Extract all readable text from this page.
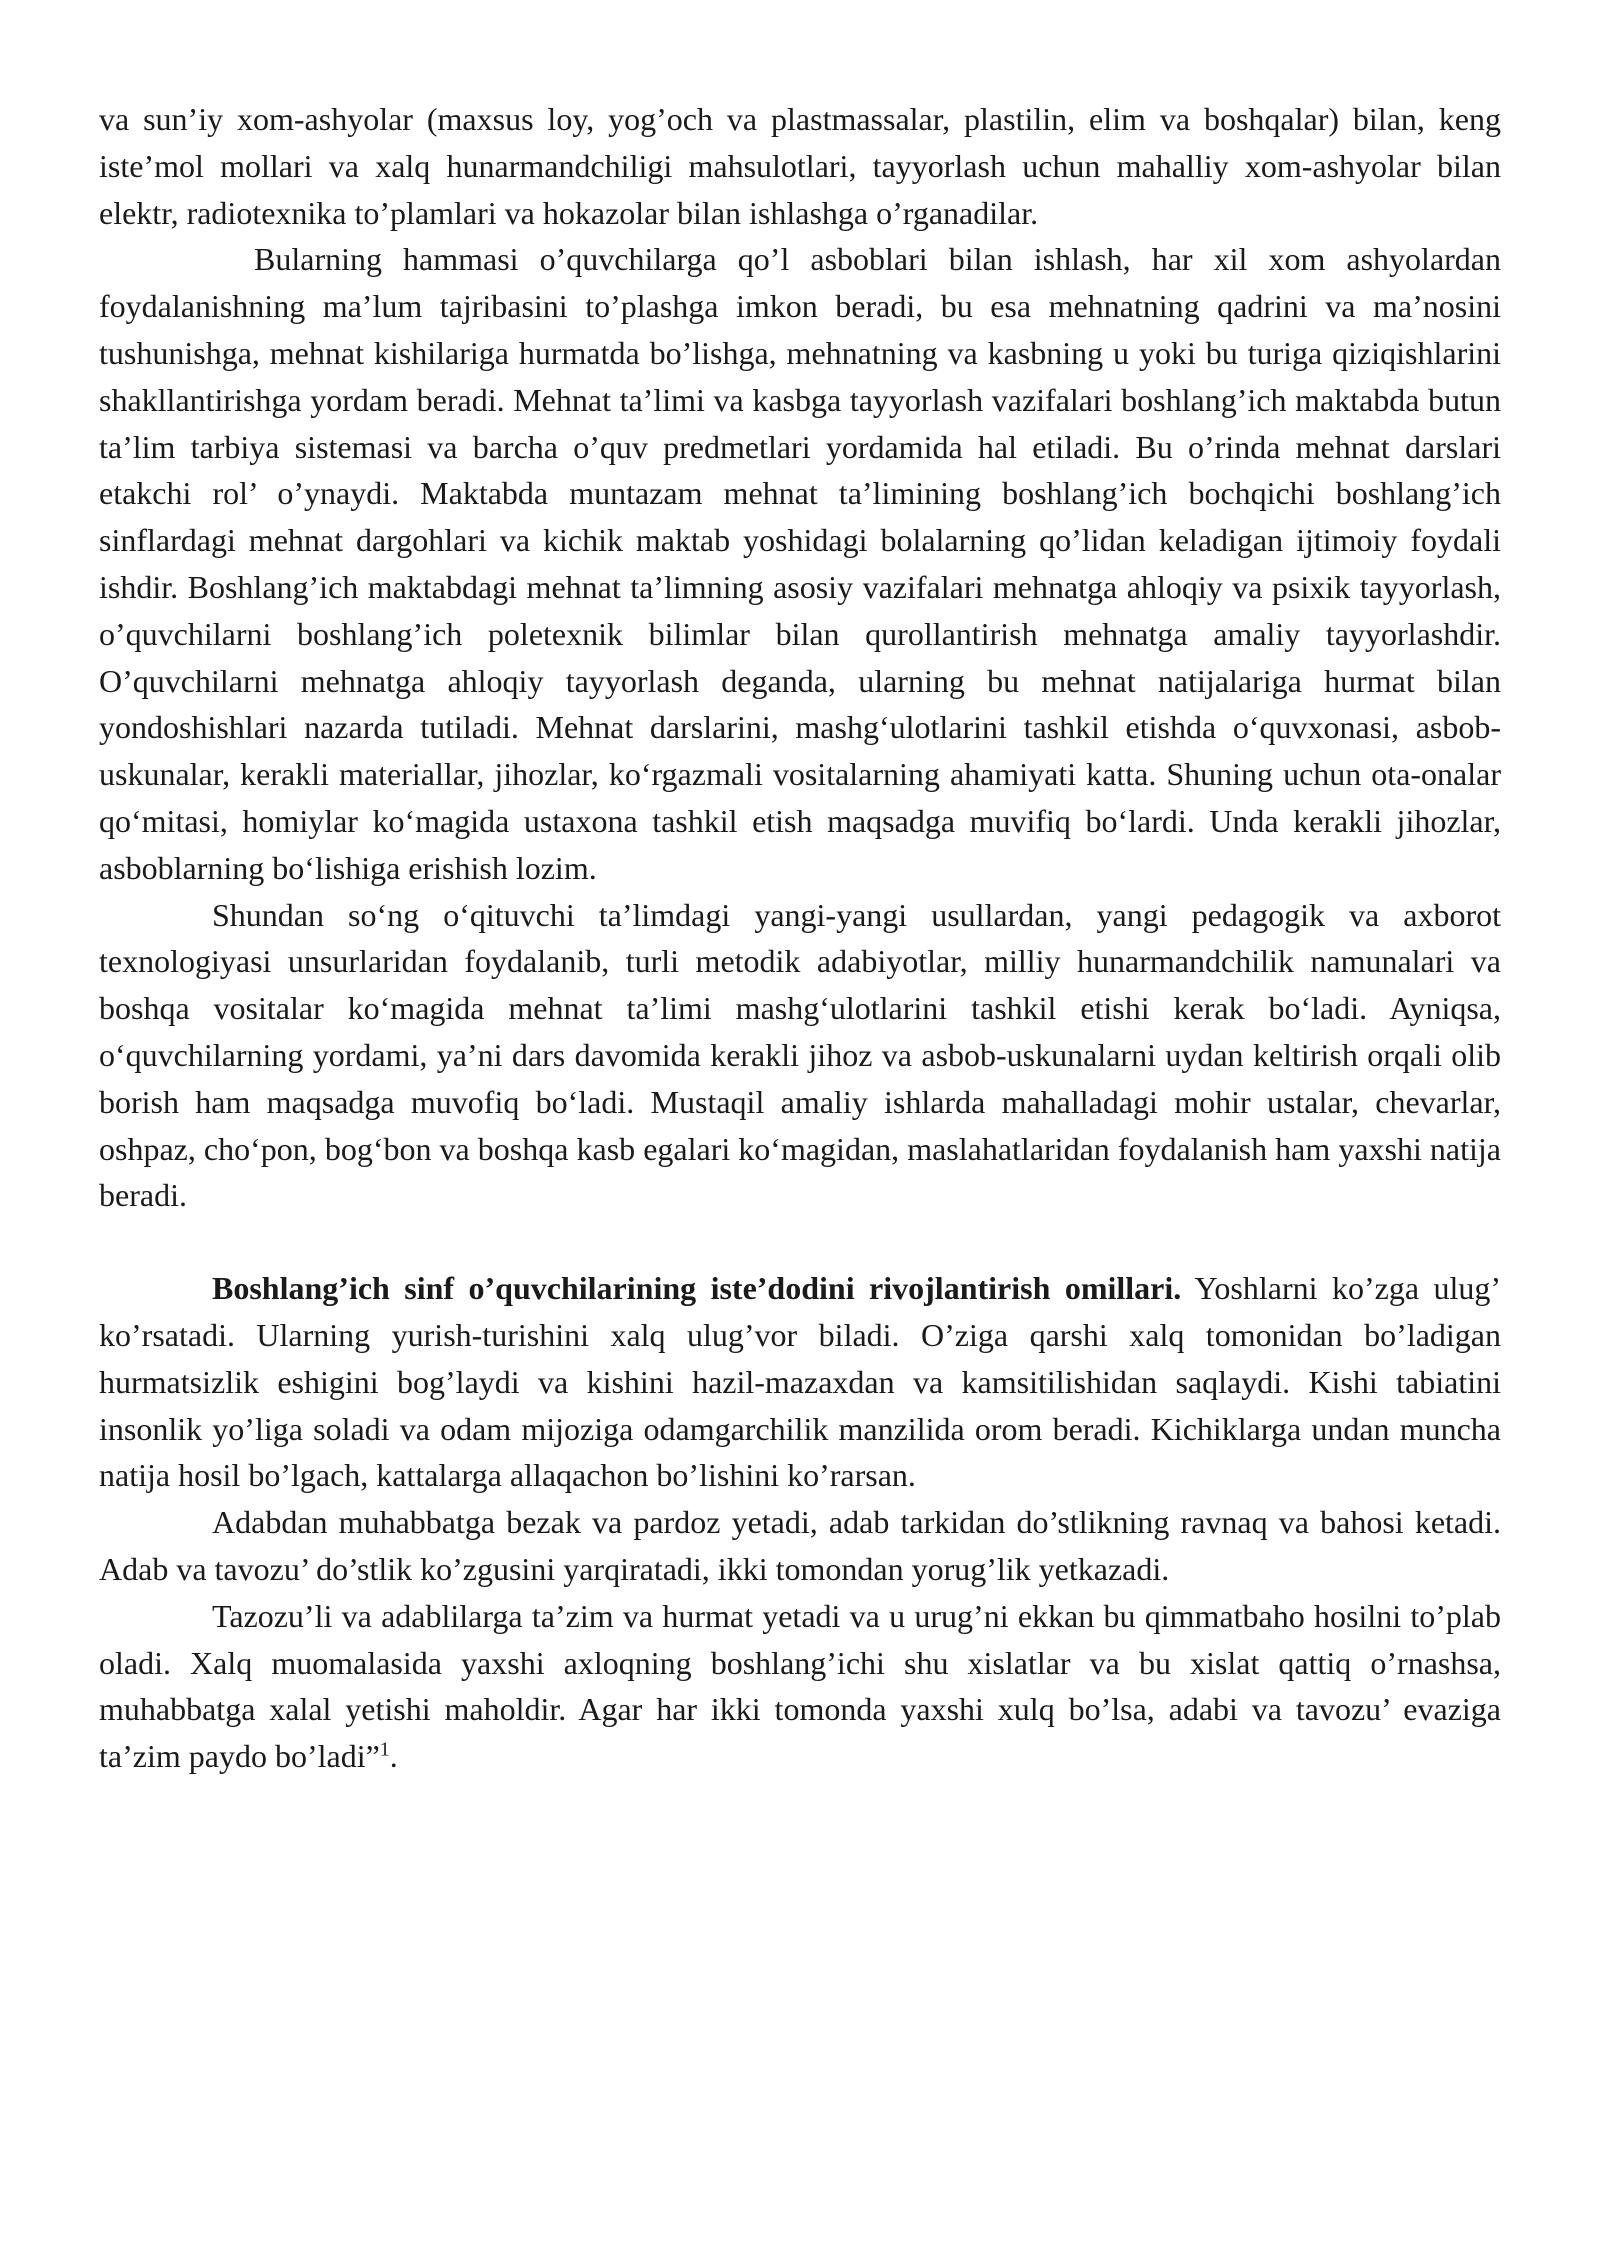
va sun’iy xom-ashyolar (maxsus loy, yog’och va plastmassalar, plastilin, elim va boshqalar) bilan, keng iste’mol mollari va xalq hunarmandchiligi mahsulotlari, tayyorlash uchun mahalliy xom-ashyolar bilan elektr, radiotexnika to’plamlari va hokazolar bilan ishlashga o’rganadilar.

Bularning hammasi o’quvchilarga qo’l asboblari bilan ishlash, har xil xom ashyolardan foydalanishning ma’lum tajribasini to’plashga imkon beradi, bu esa mehnatning qadrini va ma’nosini tushunishga, mehnat kishilariga hurmatda bo’lishga, mehnatning va kasbning u yoki bu turiga qiziqishlarini shakllantirishga yordam beradi. Mehnat ta’limi va kasbga tayyorlash vazifalari boshlang’ich maktabda butun ta’lim tarbiya sistemasi va barcha o’quv predmetlari yordamida hal etiladi. Bu o’rinda mehnat darslari etakchi rol’ o’ynaydi. Maktabda muntazam mehnat ta’limining boshlang’ich bochqichi boshlang’ich sinflardagi mehnat dargohlari va kichik maktab yoshidagi bolalarning qo’lidan keladigan ijtimoiy foydali ishdir. Boshlang’ich maktabdagi mehnat ta’limning asosiy vazifalari mehnatga ahloqiy va psixik tayyorlash, o’quvchilarni boshlang’ich poletexnik bilimlar bilan qurollantirish mehnatga amaliy tayyorlashdir. O’quvchilarni mehnatga ahloqiy tayyorlash deganda, ularning bu mehnat natijalariga hurmat bilan yondoshishlari nazarda tutiladi. Mehnat darslarini, mashg‘ulotlarini tashkil etishda o‘quvxonasi, asbob-uskunalar, kerakli materiallar, jihozlar, ko‘rgazmali vositalarning ahamiyati katta. Shuning uchun ota-onalar qo‘mitasi, homiylar ko‘magida ustaxona tashkil etish maqsadga muvifiq bo‘lardi. Unda kerakli jihozlar, asboblarning bo‘lishiga erishish lozim.

Shundan so‘ng o‘qituvchi ta’limdagi yangi-yangi usullardan, yangi pedagogik va axborot texnologiyasi unsurlaridan foydalanib, turli metodik adabiyotlar, milliy hunarmandchilik namunalari va boshqa vositalar ko‘magida mehnat ta’limi mashg‘ulotlarini tashkil etishi kerak bo‘ladi. Ayniqsa, o‘quvchilarning yordami, ya’ni dars davomida kerakli jihoz va asbob-uskunalarni uydan keltirish orqali olib borish ham maqsadga muvofiq bo‘ladi. Mustaqil amaliy ishlarda mahalladagi mohir ustalar, chevarlar, oshpaz, cho‘pon, bog‘bon va boshqa kasb egalari ko‘magidan, maslahatlaridan foydalanish ham yaxshi natija beradi.

Boshlang’ich sinf o’quvchilarining iste’dodini rivojlantirish omillari. Yoshlarni ko’zga ulug’ ko’rsatadi. Ularning yurish-turishini xalq ulug’vor biladi. O’ziga qarshi xalq tomonidan bo’ladigan hurmatsizlik eshigini bog’laydi va kishini hazil-mazaxdan va kamsitilishidan saqlaydi. Kishi tabiatini insonlik yo’liga soladi va odam mijoziga odamgarchilik manzilida orom beradi. Kichiklarga undan muncha natija hosil bo’lgach, kattalarga allaqachon bo’lishini ko’rarsan.

Adabdan muhabbatga bezak va pardoz yetadi, adab tarkidan do’stlikning ravnaq va bahosi ketadi. Adab va tavozu’ do’stlik ko’zgusini yarqiratadi, ikki tomondan yorug’lik yetkazadi.

Tazozu’li va adablilarga ta’zim va hurmat yetadi va u urug’ni ekkan bu qimmatbaho hosilni to’plab oladi. Xalq muomalasida yaxshi axloqning boshlang’ichi shu xislatlar va bu xislat qattiq o’rnashsa, muhabbatga xalal yetishi maholdir. Agar har ikki tomonda yaxshi xulq bo’lsa, adabi va tavozu’ evaziga ta’zim paydo bo’ladi”$^1$.
